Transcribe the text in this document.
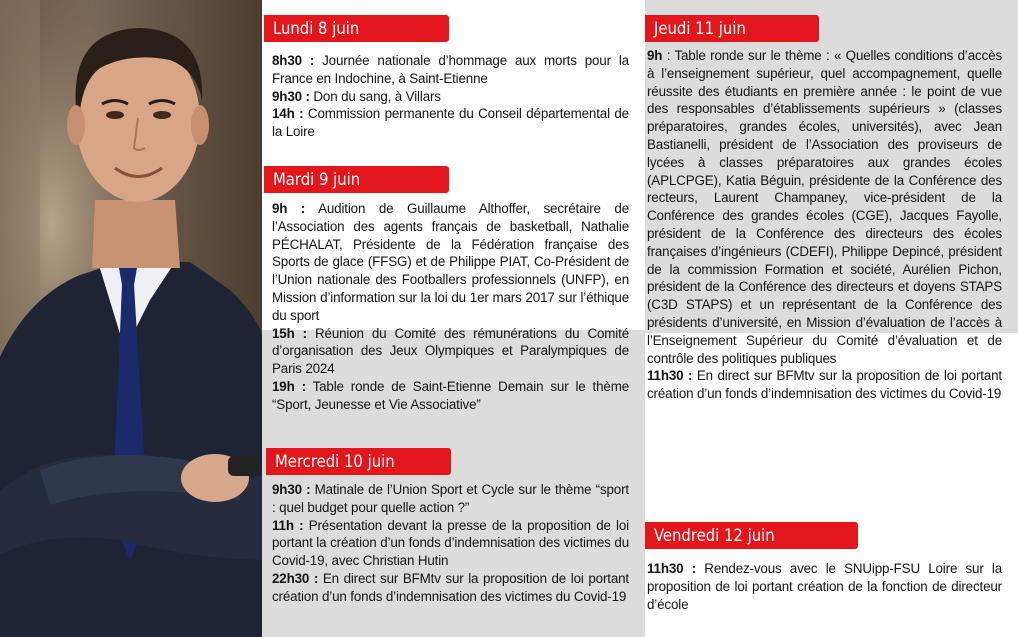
Lundi 8 juin

8h30 : Journée nationale d’hommage aux morts pour la France en Indochine, à Saint-Etienne

9h30 : Don du sang, à Villars

14h : Commission permanente du Conseil départemental de la Loire

Mardi 9 juin

9h : Audition de Guillaume Althoffer, secrétaire de l’Association des agents français de basketball, Nathalie PÉCHALAT, Présidente de la Fédération française des Sports de glace (FFSG) et de Philippe PIAT, Co-Président de l’Union nationale des Footballers professionnels (UNFP), en Mission d’information sur la loi du 1er mars 2017 sur l’éthique du sport

15h : Réunion du Comité des rémunérations du Comité d’organisation des Jeux Olympiques et Paralympiques de Paris 2024

19h : Table ronde de Saint-Etienne Demain sur le thème “Sport, Jeunesse et Vie Associative”

Mercredi 10 juin

9h30 : Matinale de l’Union Sport et Cycle sur le thème “sport : quel budget pour quelle action ?”

11h : Présentation devant la presse de la proposition de loi portant la création d’un fonds d’indemnisation des victimes du Covid-19, avec Christian Hutin

22h30 : En direct sur BFMtv sur la proposition de loi portant création d’un fonds d’indemnisation des victimes du Covid-19

Jeudi 11 juin

9h : Table ronde sur le thème : « Quelles conditions d’accès à l’enseignement supérieur, quel accompagnement, quelle réussite des étudiants en première année : le point de vue des responsables d’établissements supérieurs » (classes préparatoires, grandes écoles, universités), avec Jean Bastianelli, président de l’Association des proviseurs de lycées à classes préparatoires aux grandes écoles (APLCPGE), Katia Béguin, présidente de la Conférence des recteurs, Laurent Champaney, vice-président de la Conférence des grandes écoles (CGE), Jacques Fayolle, président de la Conférence des directeurs des écoles françaises d’ingénieurs (CDEFI), Philippe Depincé, président de la commission Formation et société, Aurélien Pichon, président de la Conférence des directeurs et doyens STAPS (C3D STAPS) et un représentant de la Conférence des présidents d’université, en Mission d’évaluation de l’accès à l’Enseignement Supérieur du Comité d’évaluation et de contrôle des politiques publiques

11h30 : En direct sur BFMtv sur la proposition de loi portant création d’un fonds d’indemnisation des victimes du Covid-19

Vendredi 12 juin

11h30 : Rendez-vous avec le SNUipp-FSU Loire sur la proposition de loi portant création de la fonction de directeur d’école
